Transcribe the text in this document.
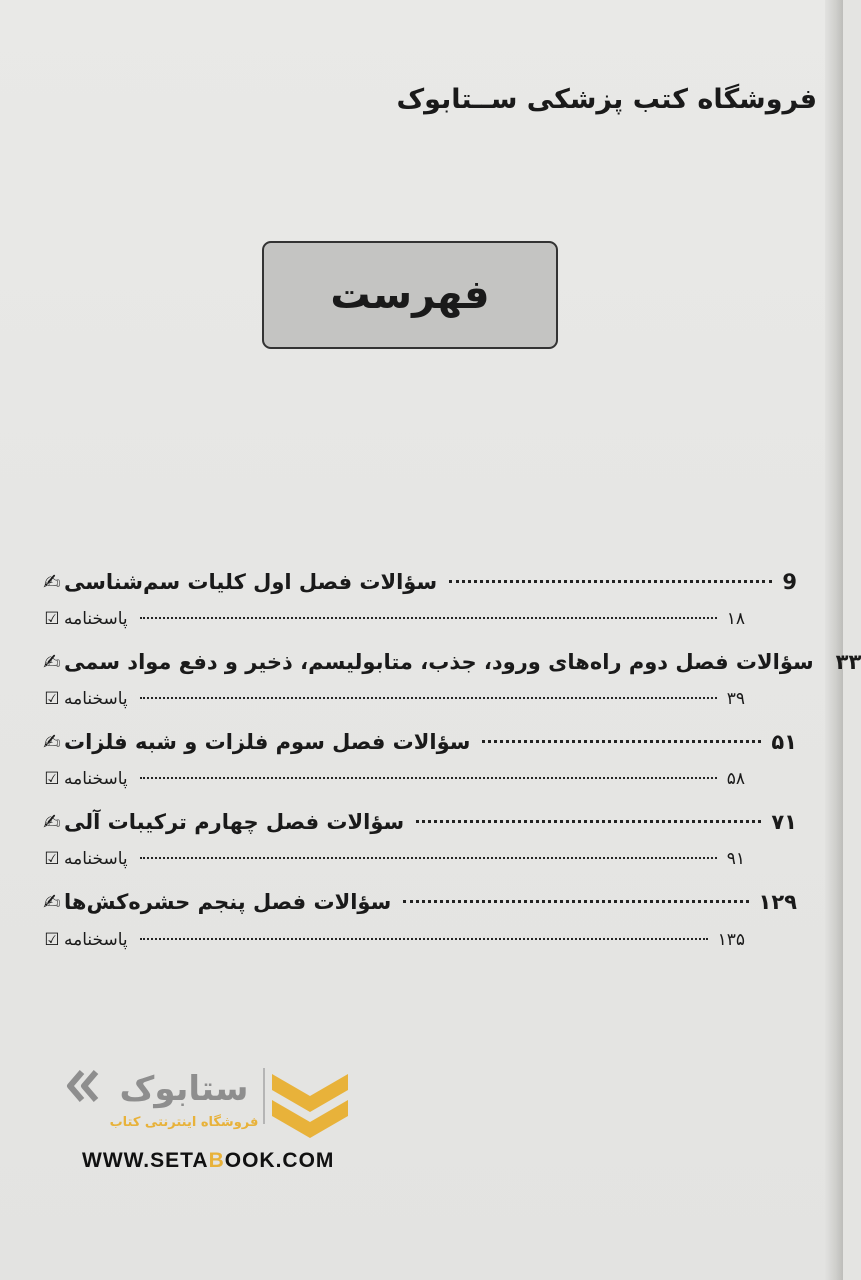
فروشگاه کتب پزشکی ســتابوک
فهرست
✍ سؤالات فصل اول کلیات سم‌شناسی	9
☑ پاسخنامه	۱۸
✍ سؤالات فصل دوم راه‌های ورود، جذب، متابولیسم، ذخیر و دفع مواد سمی ۳۳
☑ پاسخنامه	۳۹
✍ سؤالات فصل سوم فلزات و شبه فلزات	۵۱
☑ پاسخنامه	۵۸
✍ سؤالات فصل چهارم ترکیبات آلی	۷۱
☑ پاسخنامه	۹۱
✍ سؤالات فصل پنجم حشره‌کش‌ها	۱۲۹
☑ پاسخنامه	۱۳۵
ستابوک
فروشگاه اینترنتی کتاب
WWW.SETABOOK.COM
